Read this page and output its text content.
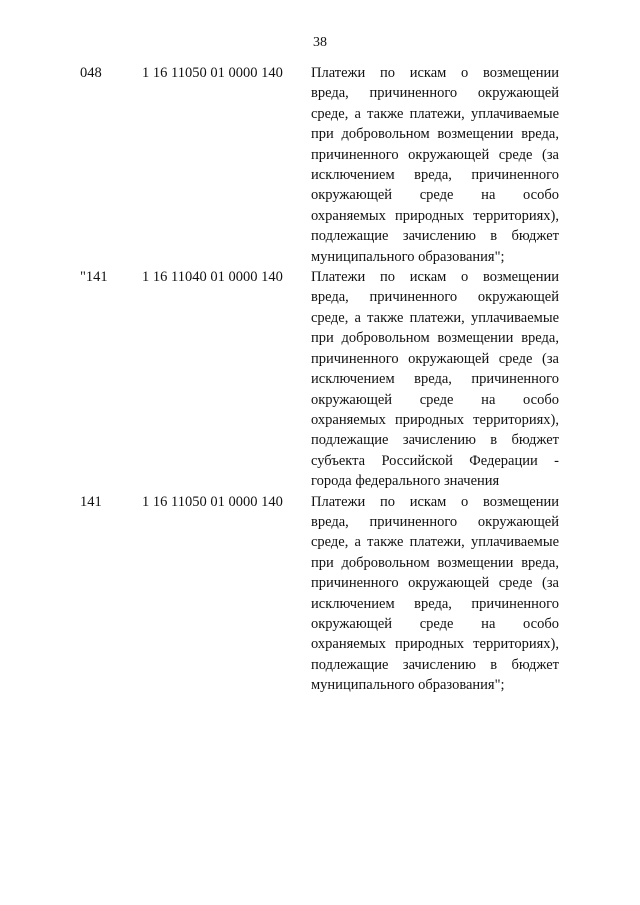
38
048	1 16 11050 01 0000 140	Платежи по искам о возмещении
вреда, причиненного окружающей
среде, а также платежи, уплачиваемые
при добровольном возмещении вреда,
причиненного окружающей среде (за
исключением вреда, причиненного
окружающей среде на особо
охраняемых природных территориях),
подлежащие зачислению в бюджет
муниципального образования";
"141	1 16 11040 01 0000 140	Платежи по искам о возмещении
вреда, причиненного окружающей
среде, а также платежи, уплачиваемые
при добровольном возмещении вреда,
причиненного окружающей среде (за
исключением вреда, причиненного
окружающей среде на особо
охраняемых природных территориях),
подлежащие зачислению в бюджет
субъекта Российской Федерации -
города федерального значения
141	1 16 11050 01 0000 140	Платежи по искам о возмещении
вреда, причиненного окружающей
среде, а также платежи, уплачиваемые
при добровольном возмещении вреда,
причиненного окружающей среде (за
исключением вреда, причиненного
окружающей среде на особо
охраняемых природных территориях),
подлежащие зачислению в бюджет
муниципального образования";
